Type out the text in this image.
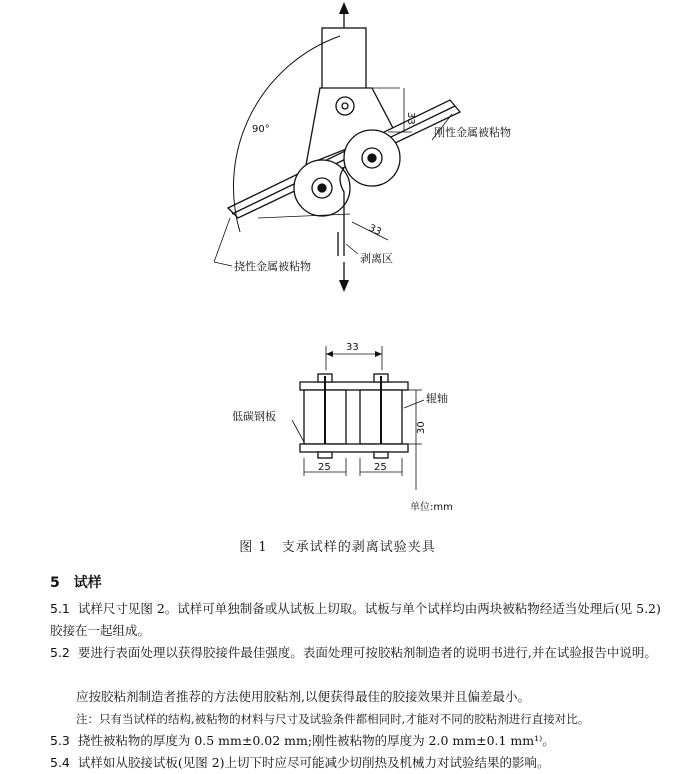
90°
33
33
刚性金属被粘物
挠性金属被粘物
剥离区
33
辊轴
低碳钢板
30
25	25
单位:mm
图 1　支承试样的剥离试验夹具
5　试样
5.1 试样尺寸见图 2。试样可单独制备或从试板上切取。试板与单个试样均由两块被粘物经适当处理后(见 5.2)胶接在一起组成。
5.2 要进行表面处理以获得胶接件最佳强度。表面处理可按胶粘剂制造者的说明书进行,并在试验报告中说明。
应按胶粘剂制造者推荐的方法使用胶粘剂,以便获得最佳的胶接效果并且偏差最小。
注：只有当试样的结构,被粘物的材料与尺寸及试验条件都相同时,才能对不同的胶粘剂进行直接对比。
5.3 挠性被粘物的厚度为 0.5 mm±0.02 mm;刚性被粘物的厚度为 2.0 mm±0.1 mm¹⁾。
5.4 试样如从胶接试板(见图 2)上切下时应尽可能减少切削热及机械力对试验结果的影响。
